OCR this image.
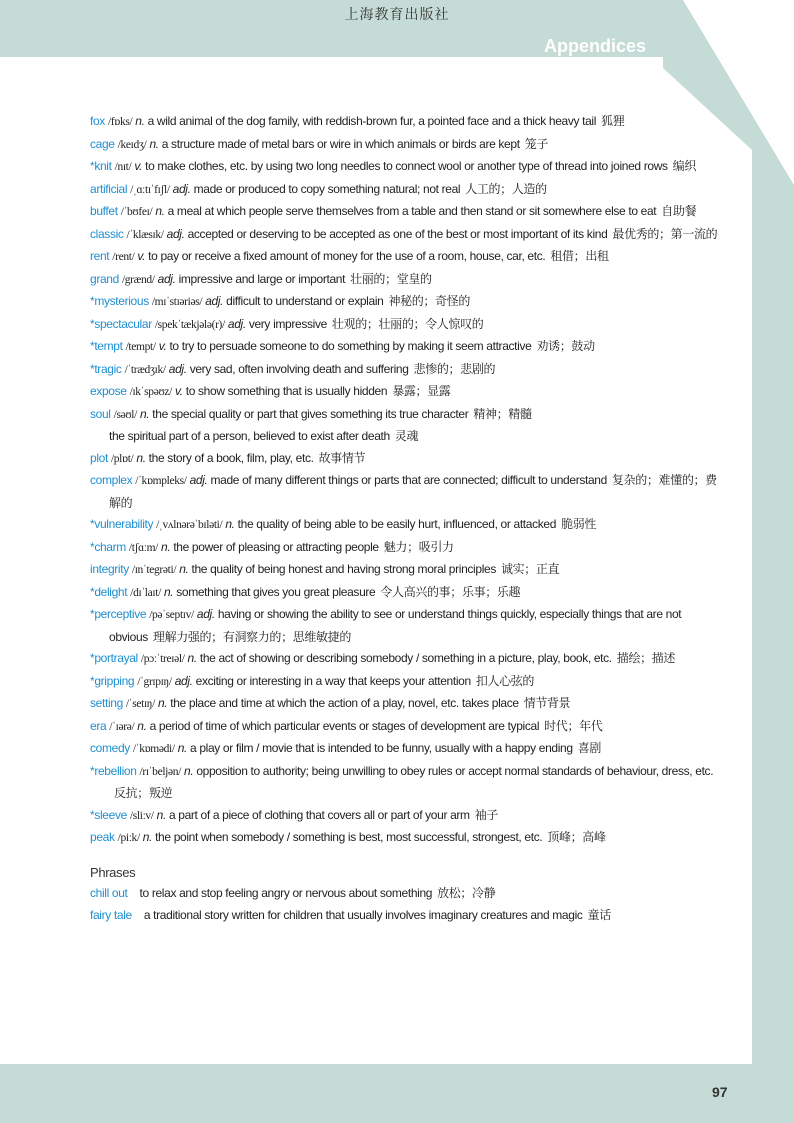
上海教育出版社
Appendices
fox /fɒks/ n. a wild animal of the dog family, with reddish-brown fur, a pointed face and a thick heavy tail 狐狸
cage /keɪdʒ/ n. a structure made of metal bars or wire in which animals or birds are kept 笼子
*knit /nɪt/ v. to make clothes, etc. by using two long needles to connect wool or another type of thread into joined rows 编织
artificial /ˌɑːtɪˈfɪʃl/ adj. made or produced to copy something natural; not real 人工的；人造的
buffet /ˈbʊfeɪ/ n. a meal at which people serve themselves from a table and then stand or sit somewhere else to eat 自助餐
classic /ˈklæsɪk/ adj. accepted or deserving to be accepted as one of the best or most important of its kind 最优秀的；第一流的
rent /rent/ v. to pay or receive a fixed amount of money for the use of a room, house, car, etc. 租借；出租
grand /grænd/ adj. impressive and large or important 壮丽的；堂皇的
*mysterious /mɪˈstɪəriəs/ adj. difficult to understand or explain 神秘的；奇怪的
*spectacular /spekˈtækjələ(r)/ adj. very impressive 壮观的；壮丽的；令人惊叹的
*tempt /tempt/ v. to try to persuade someone to do something by making it seem attractive 劝诱；鼓动
*tragic /ˈtrædʒɪk/ adj. very sad, often involving death and suffering 悲惨的；悲剧的
expose /ɪkˈspəʊz/ v. to show something that is usually hidden 暴露；显露
soul /səʊl/ n. the special quality or part that gives something its true character 精神；精髓
the spiritual part of a person, believed to exist after death 灵魂
plot /plɒt/ n. the story of a book, film, play, etc. 故事情节
complex /ˈkɒmpleks/ adj. made of many different things or parts that are connected; difficult to understand 复杂的；难懂的；费解的
*vulnerability /ˌvʌlnərəˈbɪləti/ n. the quality of being able to be easily hurt, influenced, or attacked 脆弱性
*charm /tʃɑːm/ n. the power of pleasing or attracting people 魅力；吸引力
integrity /ɪnˈtegrəti/ n. the quality of being honest and having strong moral principles 诚实；正直
*delight /dɪˈlaɪt/ n. something that gives you great pleasure 令人高兴的事；乐事；乐趣
*perceptive /pəˈseptɪv/ adj. having or showing the ability to see or understand things quickly, especially things that are not obvious 理解力强的；有洞察力的；思维敏捷的
*portrayal /pɔːˈtreɪəl/ n. the act of showing or describing somebody / something in a picture, play, book, etc. 描绘；描述
*gripping /ˈgrɪpɪŋ/ adj. exciting or interesting in a way that keeps your attention 扣人心弦的
setting /ˈsetɪŋ/ n. the place and time at which the action of a play, novel, etc. takes place 情节背景
era /ˈɪərə/ n. a period of time of which particular events or stages of development are typical 时代；年代
comedy /ˈkɒmədi/ n. a play or film / movie that is intended to be funny, usually with a happy ending 喜剧
*rebellion /rɪˈbeljən/ n. opposition to authority; being unwilling to obey rules or accept normal standards of behaviour, dress, etc.反抗；叛逆
*sleeve /sliːv/ n. a part of a piece of clothing that covers all or part of your arm 袖子
peak /piːk/ n. the point when somebody / something is best, most successful, strongest, etc. 顶峰；高峰
Phrases
chill out to relax and stop feeling angry or nervous about something 放松；冷静
fairy tale a traditional story written for children that usually involves imaginary creatures and magic 童话
97
